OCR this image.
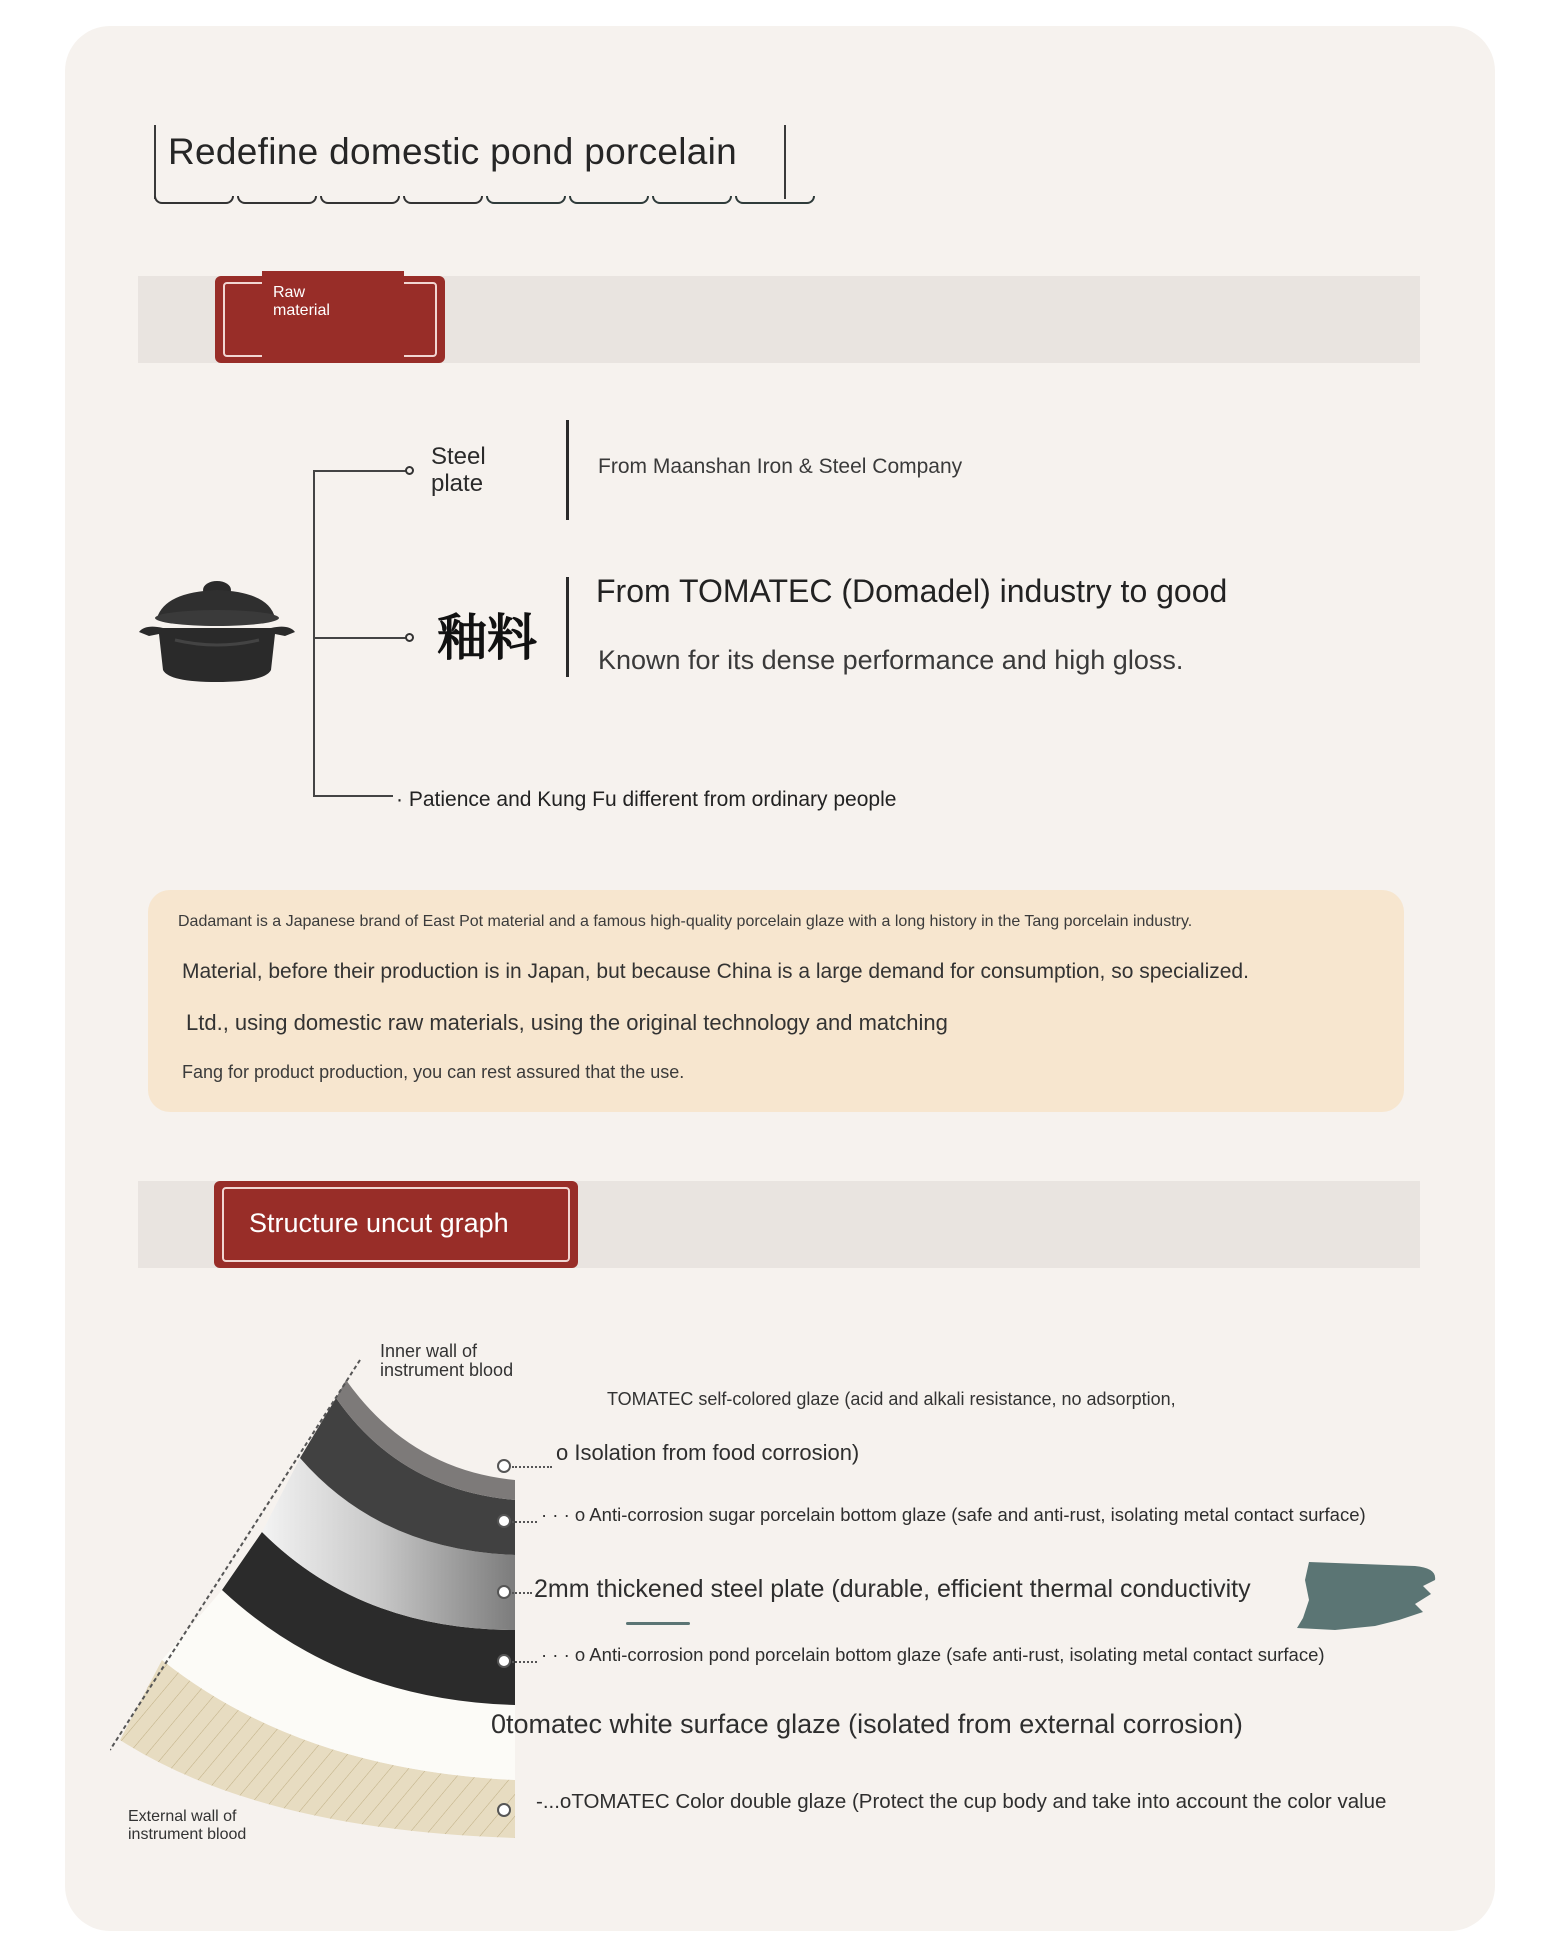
Redefine domestic pond porcelain
Raw
material
Steel
plate
From Maanshan Iron & Steel Company
釉料
From TOMATEC (Domadel) industry to good
Known for its dense performance and high gloss.
· Patience and Kung Fu different from ordinary people
Dadamant is a Japanese brand of East Pot material and a famous high-quality porcelain glaze with a long history in the Tang porcelain industry.
Material, before their production is in Japan, but because China is a large demand for consumption, so specialized.
Ltd., using domestic raw materials, using the original technology and matching
Fang for product production, you can rest assured that the use.
Structure uncut graph
Inner wall of
instrument blood
External wall of
instrument blood
TOMATEC self-colored glaze (acid and alkali resistance, no adsorption,
o Isolation from food corrosion)
· · · o Anti-corrosion sugar porcelain bottom glaze (safe and anti-rust, isolating metal contact surface)
2mm thickened steel plate (durable, efficient thermal conductivity
· · · o Anti-corrosion pond porcelain bottom glaze (safe anti-rust, isolating metal contact surface)
0tomatec white surface glaze (isolated from external corrosion)
-...oTOMATEC Color double glaze (Protect the cup body and take into account the color value
